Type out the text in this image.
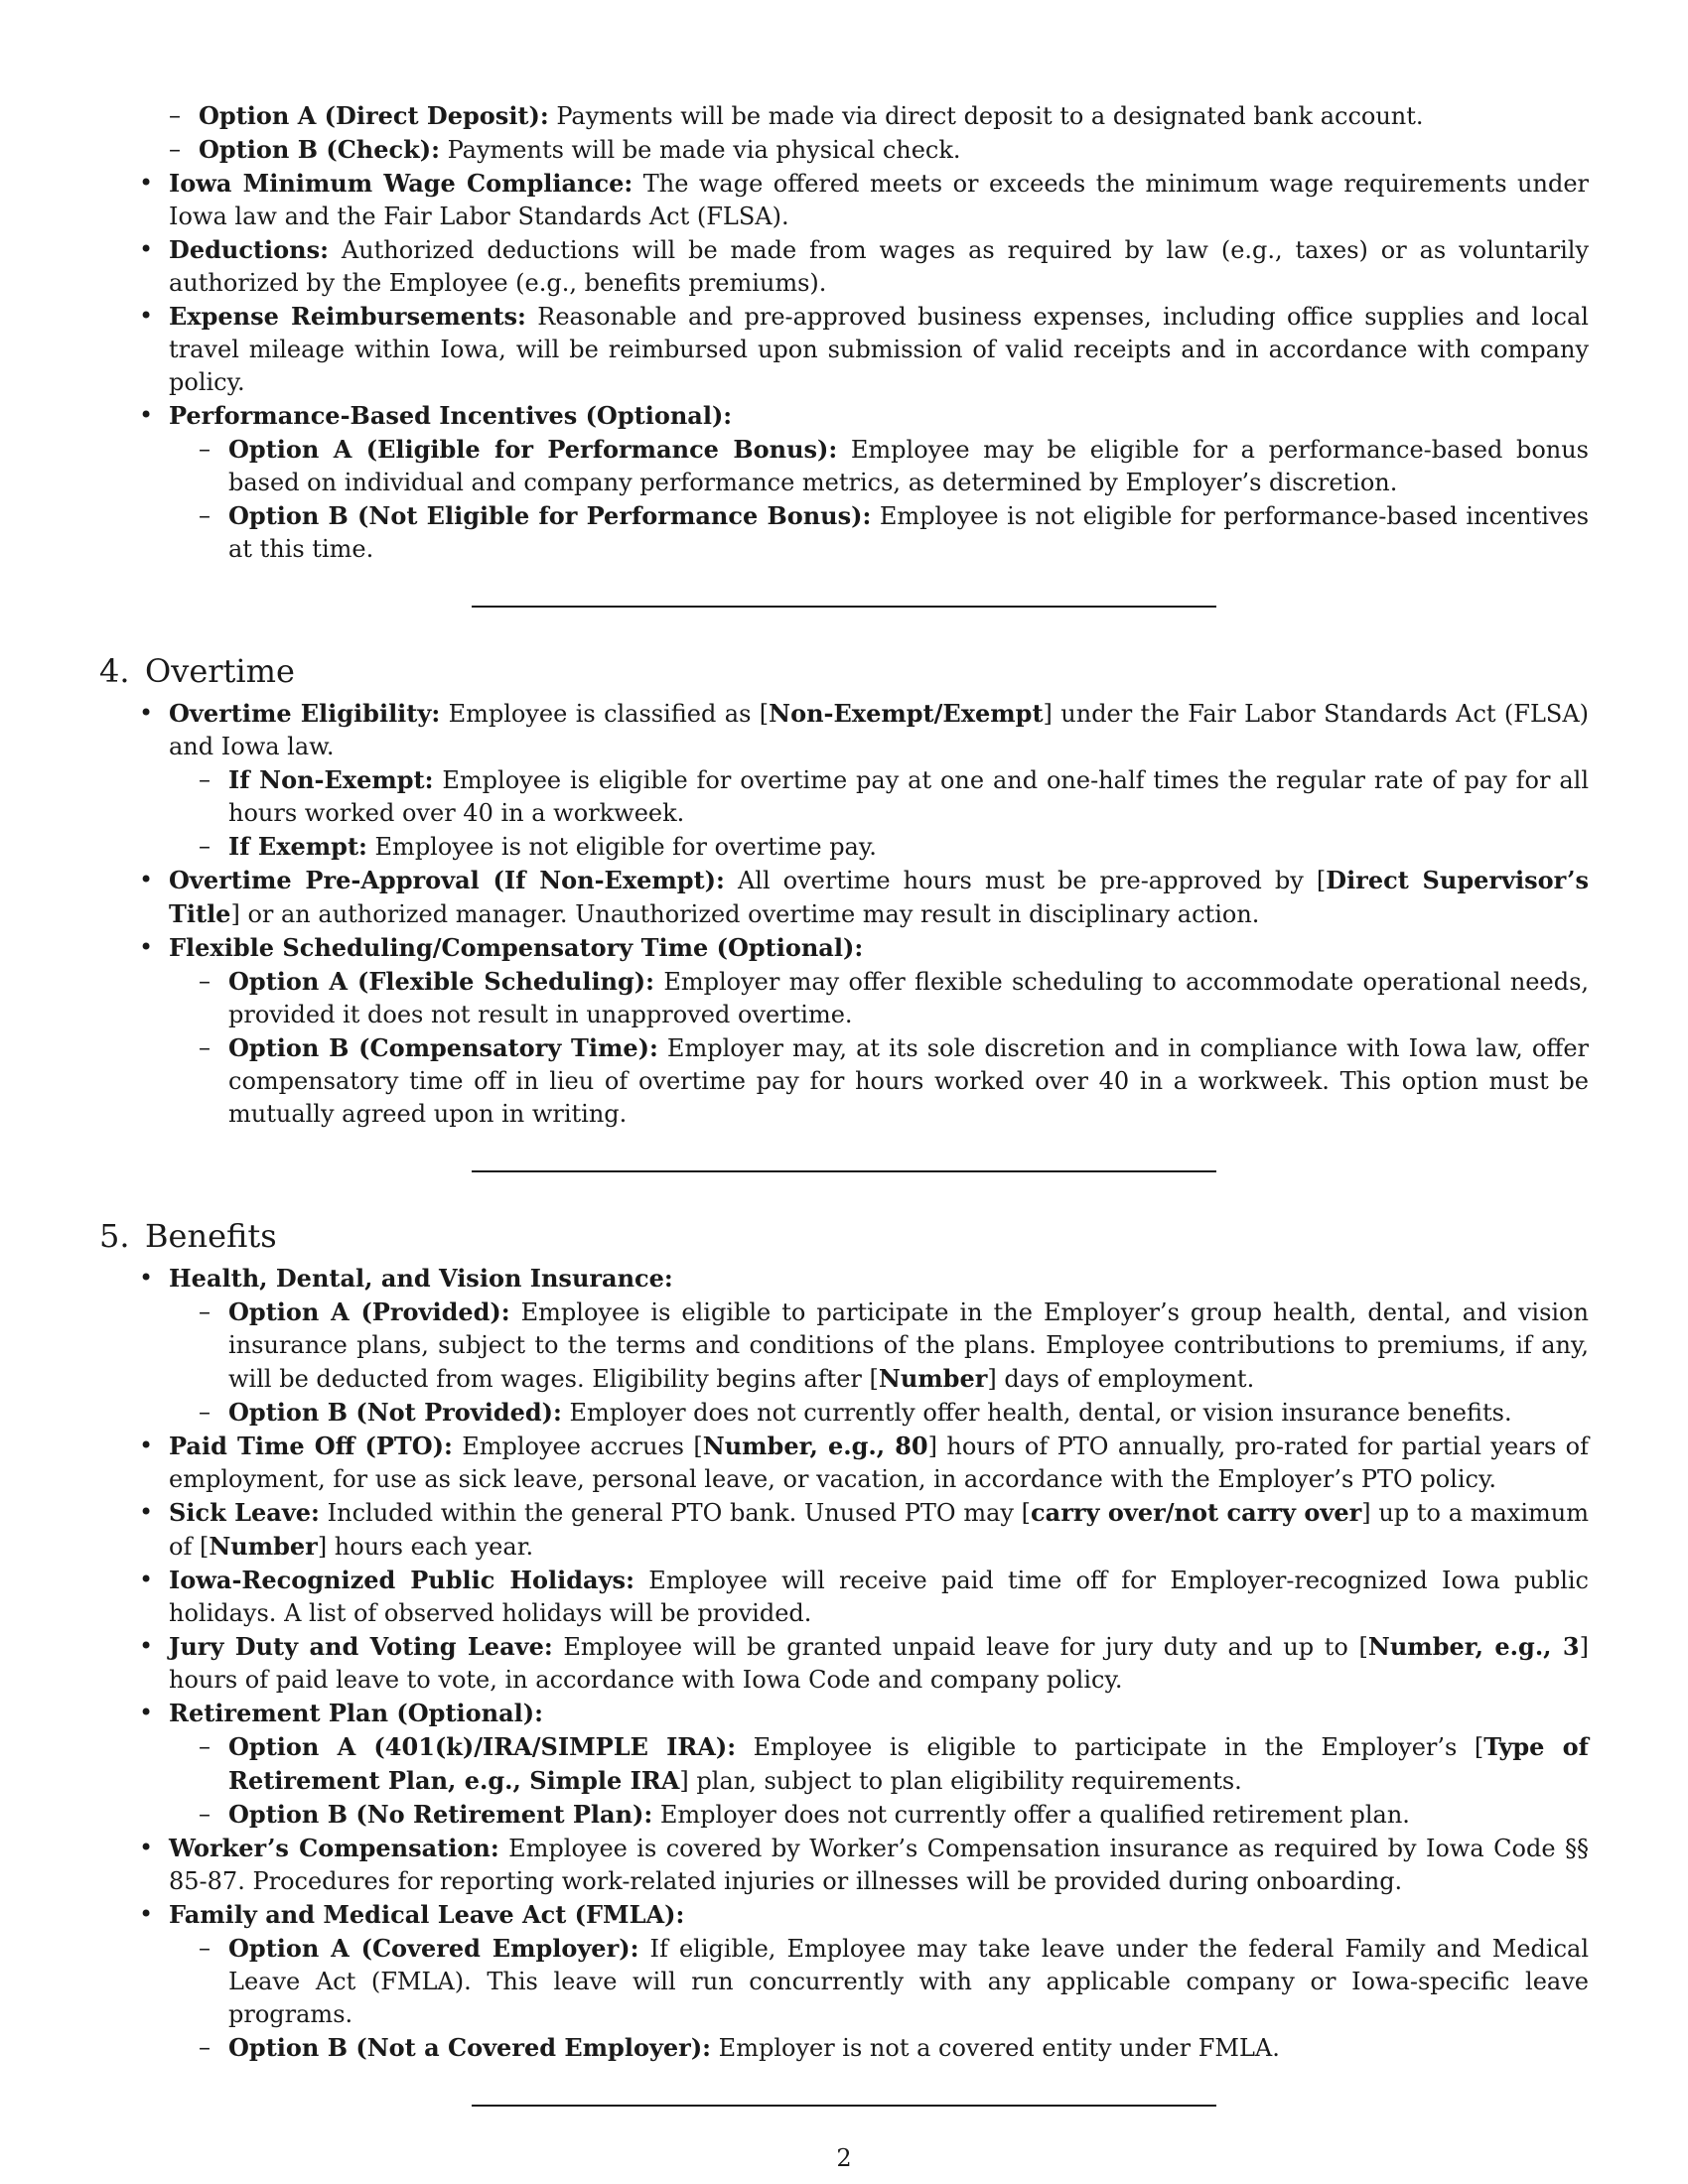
– Option A (Direct Deposit): Payments will be made via direct deposit to a designated bank account.
– Option B (Check): Payments will be made via physical check.
• Iowa Minimum Wage Compliance: The wage offered meets or exceeds the minimum wage requirements under Iowa law and the Fair Labor Standards Act (FLSA).
• Deductions: Authorized deductions will be made from wages as required by law (e.g., taxes) or as voluntarily authorized by the Employee (e.g., benefits premiums).
• Expense Reimbursements: Reasonable and pre-approved business expenses, including office supplies and local travel mileage within Iowa, will be reimbursed upon submission of valid receipts and in accordance with company policy.
• Performance-Based Incentives (Optional):
– Option A (Eligible for Performance Bonus): Employee may be eligible for a performance-based bonus based on individual and company performance metrics, as determined by Employer’s discretion.
– Option B (Not Eligible for Performance Bonus): Employee is not eligible for performance-based incentives at this time.
4. Overtime
• Overtime Eligibility: Employee is classified as [Non-Exempt/Exempt] under the Fair Labor Standards Act (FLSA) and Iowa law.
– If Non-Exempt: Employee is eligible for overtime pay at one and one-half times the regular rate of pay for all hours worked over 40 in a workweek.
– If Exempt: Employee is not eligible for overtime pay.
• Overtime Pre-Approval (If Non-Exempt): All overtime hours must be pre-approved by [Direct Supervisor’s Title] or an authorized manager. Unauthorized overtime may result in disciplinary action.
• Flexible Scheduling/Compensatory Time (Optional):
– Option A (Flexible Scheduling): Employer may offer flexible scheduling to accommodate operational needs, provided it does not result in unapproved overtime.
– Option B (Compensatory Time): Employer may, at its sole discretion and in compliance with Iowa law, offer compensatory time off in lieu of overtime pay for hours worked over 40 in a workweek. This option must be mutually agreed upon in writing.
5. Benefits
• Health, Dental, and Vision Insurance:
– Option A (Provided): Employee is eligible to participate in the Employer’s group health, dental, and vision insurance plans, subject to the terms and conditions of the plans. Employee contributions to premiums, if any, will be deducted from wages. Eligibility begins after [Number] days of employment.
– Option B (Not Provided): Employer does not currently offer health, dental, or vision insurance benefits.
• Paid Time Off (PTO): Employee accrues [Number, e.g., 80] hours of PTO annually, pro-rated for partial years of employment, for use as sick leave, personal leave, or vacation, in accordance with the Employer’s PTO policy.
• Sick Leave: Included within the general PTO bank. Unused PTO may [carry over/not carry over] up to a maximum of [Number] hours each year.
• Iowa-Recognized Public Holidays: Employee will receive paid time off for Employer-recognized Iowa public holidays. A list of observed holidays will be provided.
• Jury Duty and Voting Leave: Employee will be granted unpaid leave for jury duty and up to [Number, e.g., 3] hours of paid leave to vote, in accordance with Iowa Code and company policy.
• Retirement Plan (Optional):
– Option A (401(k)/IRA/SIMPLE IRA): Employee is eligible to participate in the Employer’s [Type of Retirement Plan, e.g., Simple IRA] plan, subject to plan eligibility requirements.
– Option B (No Retirement Plan): Employer does not currently offer a qualified retirement plan.
• Worker’s Compensation: Employee is covered by Worker’s Compensation insurance as required by Iowa Code §§ 85-87. Procedures for reporting work-related injuries or illnesses will be provided during onboarding.
• Family and Medical Leave Act (FMLA):
– Option A (Covered Employer): If eligible, Employee may take leave under the federal Family and Medical Leave Act (FMLA). This leave will run concurrently with any applicable company or Iowa-specific leave programs.
– Option B (Not a Covered Employer): Employer is not a covered entity under FMLA.
2
